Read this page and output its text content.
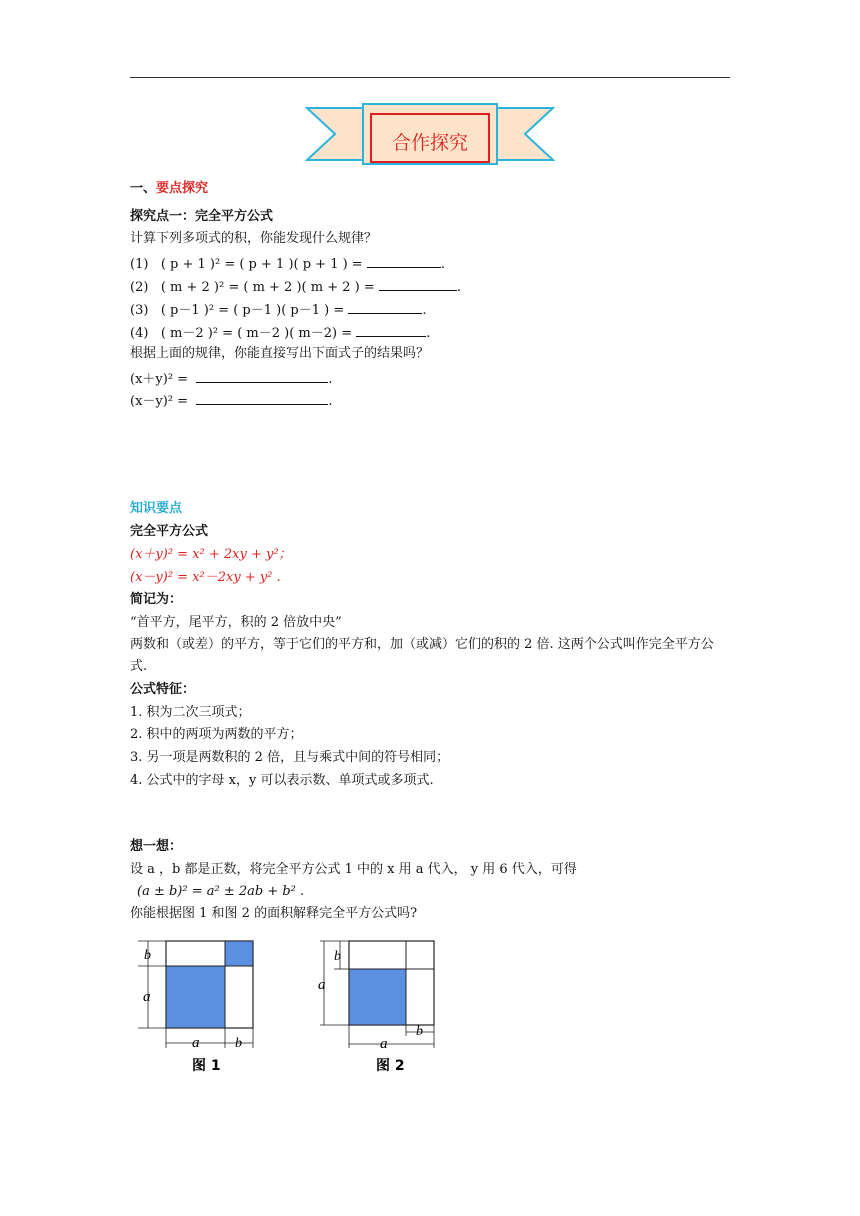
合作探究
一、要点探究
探究点一：完全平方公式
计算下列多项式的积，你能发现什么规律？
(1) ( p + 1 )² = ( p + 1 )( p + 1 ) =	.
(2) ( m + 2 )² = ( m + 2 )( m + 2 ) =	.
(3) ( p－1 )² = ( p－1 )( p－1 ) =	.
(4) ( m－2 )² = ( m－2 )( m－2) =	.
根据上面的规律，你能直接写出下面式子的结果吗？
(x＋y)² =	.
(x－y)² =	.
知识要点
完全平方公式
(x＋y)² = x² + 2xy + y²；
(x－y)² = x²－2xy + y² .
简记为：
“首平方，尾平方，积的 2 倍放中央”
两数和（或差）的平方，等于它们的平方和，加（或减）它们的积的 2 倍. 这两个公式叫作完全平方公式.
公式特征：
1. 积为二次三项式；
2. 积中的两项为两数的平方；
3. 另一项是两数积的 2 倍，且与乘式中间的符号相同；
4. 公式中的字母 x，y 可以表示数、单项式或多项式.
想一想：
设 a ，b 都是正数，将完全平方公式 1 中的 x 用 a 代入， y 用 6 代入，可得
(a ± b)² = a² ± 2ab + b² .
你能根据图 1 和图 2 的面积解释完全平方公式吗?
b
a
a	b
图 1
b
a
b
a
图 2
